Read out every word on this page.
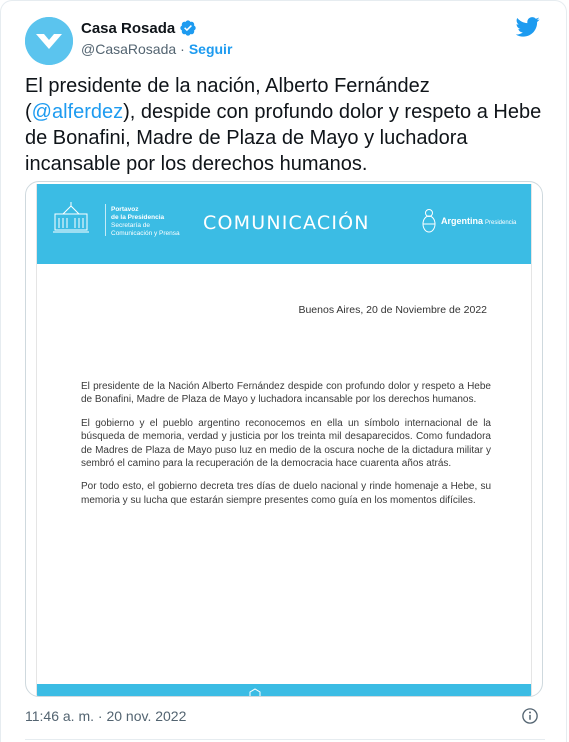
Casa Rosada
@CasaRosada · Seguir
El presidente de la nación, Alberto Fernández (@alferdez), despide con profundo dolor y respeto a Hebe de Bonafini, Madre de Plaza de Mayo y luchadora incansable por los derechos humanos.
Portavoz
de la Presidencia
Secretaría de
Comunicación y Prensa	COMUNICACIÓN	Argentina Presidencia
Buenos Aires, 20 de Noviembre de 2022

El presidente de la Nación Alberto Fernández despide con profundo dolor y respeto a Hebe de Bonafini, Madre de Plaza de Mayo y luchadora incansable por los derechos humanos.

El gobierno y el pueblo argentino reconocemos en ella un símbolo internacional de la búsqueda de memoria, verdad y justicia por los treinta mil desaparecidos. Como fundadora de Madres de Plaza de Mayo puso luz en medio de la oscura noche de la dictadura militar y sembró el camino para la recuperación de la democracia hace cuarenta años atrás.

Por todo esto, el gobierno decreta tres días de duelo nacional y rinde homenaje a Hebe, su memoria y su lucha que estarán siempre presentes como guía en los momentos difíciles.

11:46 a. m. · 20 nov. 2022
